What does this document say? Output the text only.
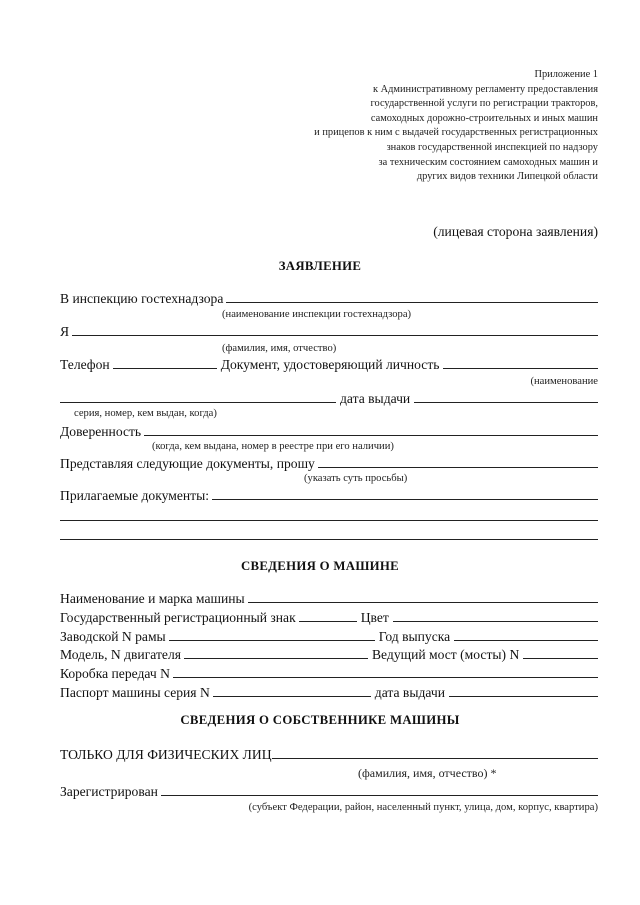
Приложение 1
к Административному регламенту предоставления
государственной услуги по регистрации тракторов,
самоходных дорожно-строительных и иных машин
и прицепов к ним с выдачей государственных регистрационных
знаков государственной инспекцией по надзору
за техническим состоянием самоходных машин и
других видов техники Липецкой области
(лицевая сторона заявления)
ЗАЯВЛЕНИЕ
В инспекцию гостехнадзора
(наименование инспекции гостехнадзора)
Я
(фамилия, имя, отчество)
Телефон	Документ, удостоверяющий личность
(наименование
дата выдачи
серия, номер, кем выдан, когда)
Доверенность
(когда, кем выдана, номер в реестре при его наличии)
Представляя следующие документы, прошу
(указать суть просьбы)
Прилагаемые документы:
СВЕДЕНИЯ О МАШИНЕ
Наименование и марка машины
Государственный регистрационный знак	Цвет
Заводской N рамы	Год выпуска
Модель, N двигателя	Ведущий мост (мосты) N
Коробка передач N
Паспорт машины серия N	дата выдачи
СВЕДЕНИЯ О СОБСТВЕННИКЕ МАШИНЫ
ТОЛЬКО ДЛЯ ФИЗИЧЕСКИХ ЛИЦ
(фамилия, имя, отчество) *
Зарегистрирован
(субъект Федерации, район, населенный пункт, улица, дом, корпус, квартира)
